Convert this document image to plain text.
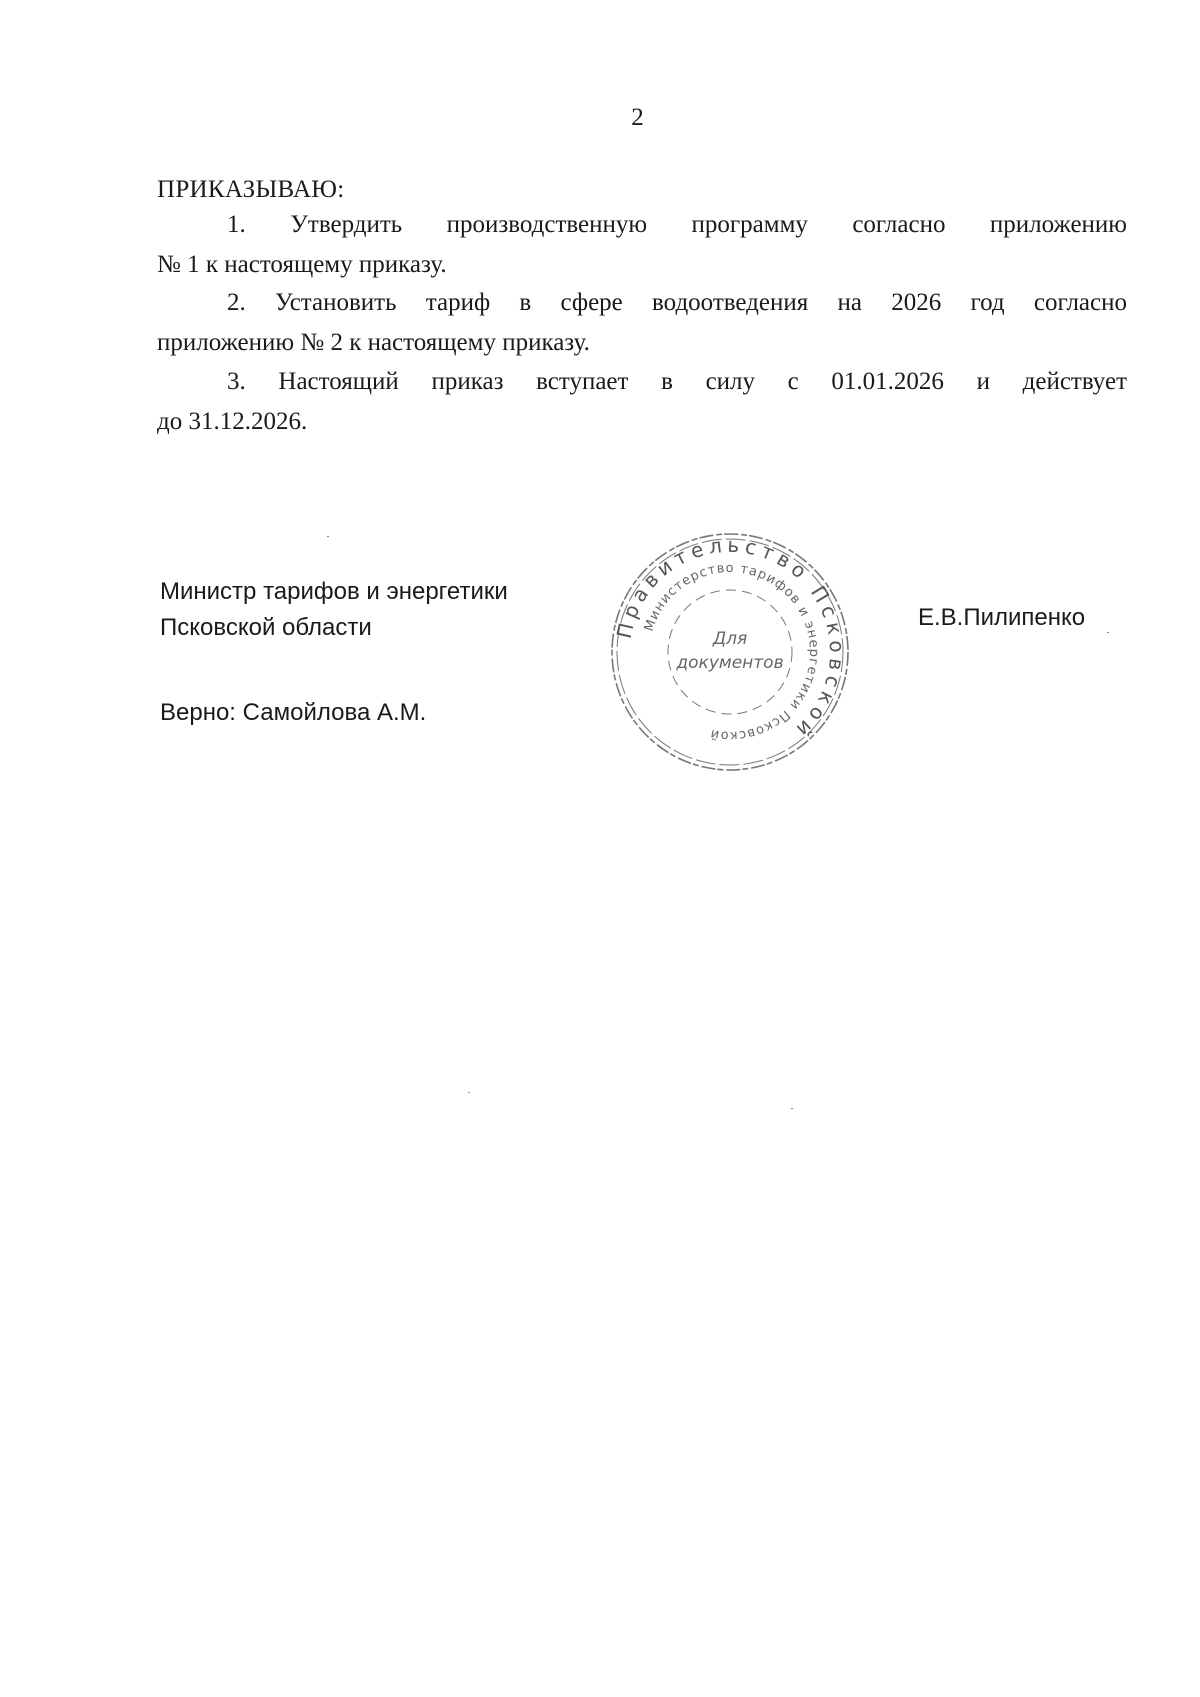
2
ПРИКАЗЫВАЮ:
1. Утвердить производственную программу согласно приложению
№ 1 к настоящему приказу.
2. Установить тариф в сфере водоотведения на 2026 год согласно
приложению № 2 к настоящему приказу.
3. Настоящий приказ вступает в силу с 01.01.2026 и действует
до 31.12.2026.
Министр тарифов и энергетики
Псковской области
Верно: Самойлова А.М.
Е.В.Пилипенко
Правительство Псковской
Министерство тарифов и энергетики Псковской
Для
документов
